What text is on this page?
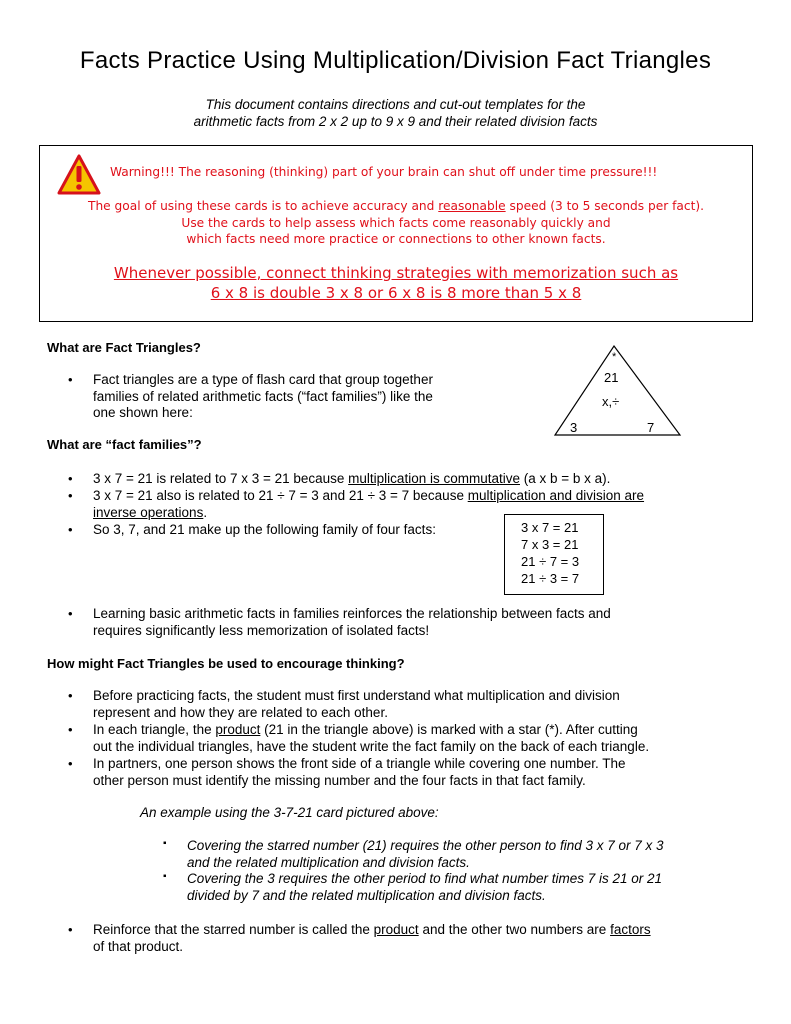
Facts Practice Using Multiplication/Division Fact Triangles
This document contains directions and cut-out templates for the
arithmetic facts from 2 x 2 up to 9 x 9 and their related division facts
Warning!!! The reasoning (thinking) part of your brain can shut off under time pressure!!!
The goal of using these cards is to achieve accuracy and reasonable speed (3 to 5 seconds per fact).
Use the cards to help assess which facts come reasonably quickly and
which facts need more practice or connections to other known facts.
Whenever possible, connect thinking strategies with memorization such as
6 x 8 is double 3 x 8 or 6 x 8 is 8 more than 5 x 8
What are Fact Triangles?
• Fact triangles are a type of flash card that group together
families of related arithmetic facts (“fact families”) like the
one shown here:
*
21
x,÷
3	7
What are “fact families”?
• 3 x 7 = 21 is related to 7 x 3 = 21 because multiplication is commutative (a x b = b x a).
• 3 x 7 = 21 also is related to 21 ÷ 7 = 3 and 21 ÷ 3 = 7 because multiplication and division are
inverse operations.
• So 3, 7, and 21 make up the following family of four facts:	3 x 7 = 21
7 x 3 = 21
21 ÷ 7 = 3
21 ÷ 3 = 7
• Learning basic arithmetic facts in families reinforces the relationship between facts and
requires significantly less memorization of isolated facts!
How might Fact Triangles be used to encourage thinking?
• Before practicing facts, the student must first understand what multiplication and division
represent and how they are related to each other.
• In each triangle, the product (21 in the triangle above) is marked with a star (*). After cutting
out the individual triangles, have the student write the fact family on the back of each triangle.
• In partners, one person shows the front side of a triangle while covering one number. The
other person must identify the missing number and the four facts in that fact family.
An example using the 3-7-21 card pictured above:
▪ Covering the starred number (21) requires the other person to find 3 x 7 or 7 x 3
and the related multiplication and division facts.
▪ Covering the 3 requires the other period to find what number times 7 is 21 or 21
divided by 7 and the related multiplication and division facts.
• Reinforce that the starred number is called the product and the other two numbers are factors
of that product.
